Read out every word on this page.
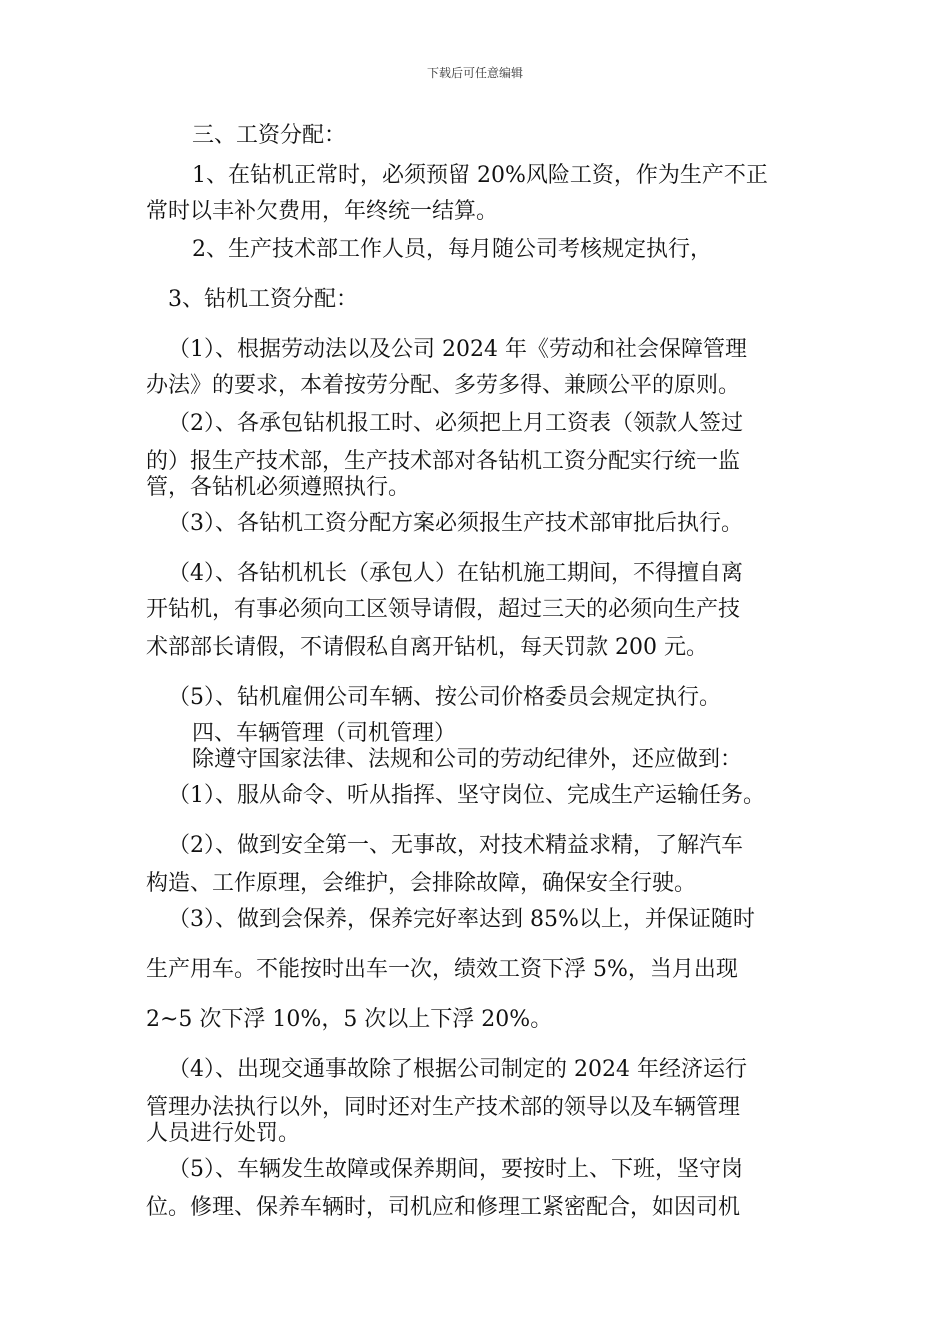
下载后可任意编辑
三、工资分配：
1、在钻机正常时，必须预留 20%风险工资，作为生产不正
常时以丰补欠费用，年终统一结算。
2、生产技术部工作人员，每月随公司考核规定执行，
3、钻机工资分配：
（1）、根据劳动法以及公司 2024 年《劳动和社会保障管理
办法》的要求，本着按劳分配、多劳多得、兼顾公平的原则。
（2）、各承包钻机报工时、必须把上月工资表（领款人签过
的）报生产技术部，生产技术部对各钻机工资分配实行统一监
管，各钻机必须遵照执行。
（3）、各钻机工资分配方案必须报生产技术部审批后执行。
（4）、各钻机机长（承包人）在钻机施工期间，不得擅自离
开钻机，有事必须向工区领导请假，超过三天的必须向生产技
术部部长请假，不请假私自离开钻机，每天罚款 200 元。
（5）、钻机雇佣公司车辆、按公司价格委员会规定执行。
四、车辆管理（司机管理）
除遵守国家法律、法规和公司的劳动纪律外，还应做到：
（1）、服从命令、听从指挥、坚守岗位、完成生产运输任务。
（2）、做到安全第一、无事故，对技术精益求精，了解汽车
构造、工作原理，会维护，会排除故障，确保安全行驶。
（3）、做到会保养，保养完好率达到 85%以上，并保证随时
生产用车。不能按时出车一次，绩效工资下浮 5%，当月出现
2~5 次下浮 10%，5 次以上下浮 20%。
（4）、出现交通事故除了根据公司制定的 2024 年经济运行
管理办法执行以外，同时还对生产技术部的领导以及车辆管理
人员进行处罚。
（5）、车辆发生故障或保养期间，要按时上、下班，坚守岗
位。修理、保养车辆时，司机应和修理工紧密配合，如因司机
